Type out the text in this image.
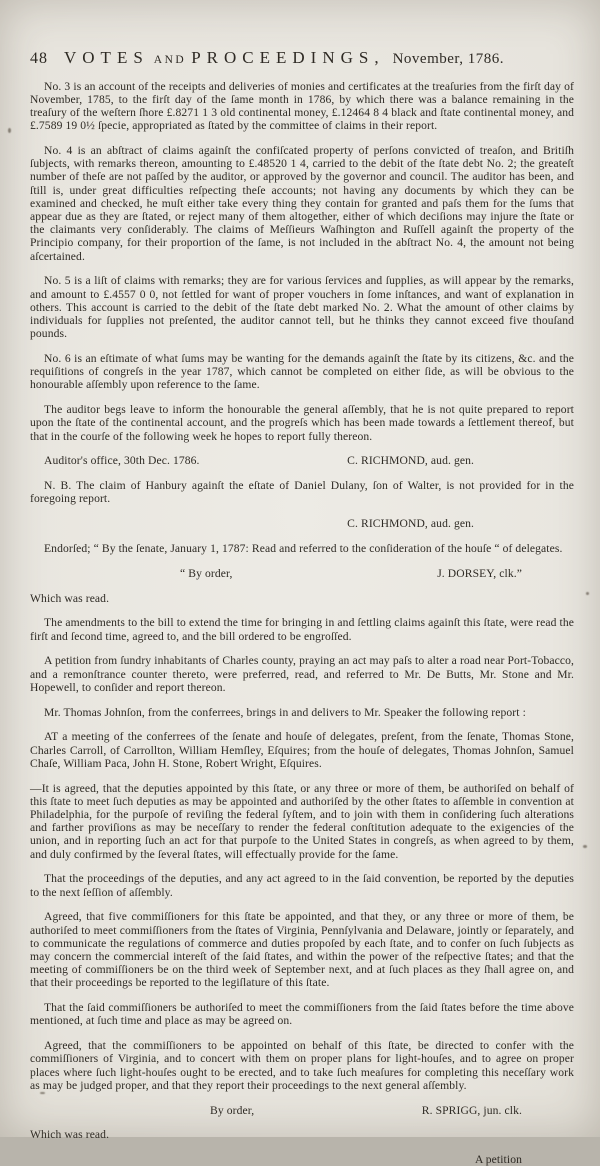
48 VOTES AND PROCEEDINGS, November, 1786.

No. 3 is an account of the receipts and deliveries of monies and certificates at the treaſuries from the firſt day of November, 1785, to the firſt day of the ſame month in 1786, by which there was a balance remaining in the treaſury of the weſtern ſhore £.8271 1 3 old continental money, £.12464 8 4 black and ſtate continental money, and £.7589 19 0½ ſpecie, appropriated as ſtated by the committee of claims in their report.

No. 4 is an abſtract of claims againſt the confiſcated property of perſons convicted of treaſon, and Britiſh ſubjects, with remarks thereon, amounting to £.48520 1 4, carried to the debit of the ſtate debt No. 2; the greateſt number of theſe are not paſſed by the auditor, or approved by the governor and council. The auditor has been, and ſtill is, under great difficulties reſpecting theſe accounts; not having any documents by which they can be examined and checked, he muſt either take every thing they contain for granted and paſs them for the ſums that appear due as they are ſtated, or reject many of them altogether, either of which deciſions may injure the ſtate or the claimants very conſiderably. The claims of Meſſieurs Waſhington and Ruſſell againſt the property of the Principio company, for their proportion of the ſame, is not included in the abſtract No. 4, the amount not being aſcertained.

No. 5 is a liſt of claims with remarks; they are for various ſervices and ſupplies, as will appear by the remarks, and amount to £.4557 0 0, not ſettled for want of proper vouchers in ſome inſtances, and want of explanation in others. This account is carried to the debit of the ſtate debt marked No. 2. What the amount of other claims by individuals for ſupplies not preſented, the auditor cannot tell, but he thinks they cannot exceed five thouſand pounds.

No. 6 is an eſtimate of what ſums may be wanting for the demands againſt the ſtate by its citizens, &c. and the requiſitions of congreſs in the year 1787, which cannot be completed on either ſide, as will be obvious to the honourable aſſembly upon reference to the ſame.

The auditor begs leave to inform the honourable the general aſſembly, that he is not quite prepared to report upon the ſtate of the continental account, and the progreſs which has been made towards a ſettlement thereof, but that in the courſe of the following week he hopes to report fully thereon.

Auditor's office, 30th Dec. 1786.	C. RICHMOND, aud. gen.

N. B. The claim of Hanbury againſt the eſtate of Daniel Dulany, ſon of Walter, is not provided for in the foregoing report.

C. RICHMOND, aud. gen.

Endorſed; “ By the ſenate, January 1, 1787: Read and referred to the conſideration of the houſe “ of delegates.

“ By order,	J. DORSEY, clk.”

Which was read.

The amendments to the bill to extend the time for bringing in and ſettling claims againſt this ſtate, were read the firſt and ſecond time, agreed to, and the bill ordered to be engroſſed.

A petition from ſundry inhabitants of Charles county, praying an act may paſs to alter a road near Port-Tobacco, and a remonſtrance counter thereto, were preferred, read, and referred to Mr. De Butts, Mr. Stone and Mr. Hopewell, to conſider and report thereon.

Mr. Thomas Johnſon, from the conferrees, brings in and delivers to Mr. Speaker the following report :

AT a meeting of the conferrees of the ſenate and houſe of delegates, preſent, from the ſenate, Thomas Stone, Charles Carroll, of Carrollton, William Hemſley, Eſquires; from the houſe of delegates, Thomas Johnſon, Samuel Chaſe, William Paca, John H. Stone, Robert Wright, Eſquires.

—It is agreed, that the deputies appointed by this ſtate, or any three or more of them, be authoriſed on behalf of this ſtate to meet ſuch deputies as may be appointed and authoriſed by the other ſtates to aſſemble in convention at Philadelphia, for the purpoſe of reviſing the federal ſyſtem, and to join with them in conſidering ſuch alterations and farther proviſions as may be neceſſary to render the federal conſtitution adequate to the exigencies of the union, and in reporting ſuch an act for that purpoſe to the United States in congreſs, as when agreed to by them, and duly confirmed by the ſeveral ſtates, will effectually provide for the ſame.

That the proceedings of the deputies, and any act agreed to in the ſaid convention, be reported by the deputies to the next ſeſſion of aſſembly.

Agreed, that five commiſſioners for this ſtate be appointed, and that they, or any three or more of them, be authoriſed to meet commiſſioners from the ſtates of Virginia, Pennſylvania and Delaware, jointly or ſeparately, and to communicate the regulations of commerce and duties propoſed by each ſtate, and to confer on ſuch ſubjects as may concern the commercial intereſt of the ſaid ſtates, and within the power of the reſpective ſtates; and that the meeting of commiſſioners be on the third week of September next, and at ſuch places as they ſhall agree on, and that their proceedings be reported to the legiſlature of this ſtate.

That the ſaid commiſſioners be authoriſed to meet the commiſſioners from the ſaid ſtates before the time above mentioned, at ſuch time and place as may be agreed on.

Agreed, that the commiſſioners to be appointed on behalf of this ſtate, be directed to confer with the commiſſioners of Virginia, and to concert with them on proper plans for light-houſes, and to agree on proper places where ſuch light-houſes ought to be erected, and to take ſuch meaſures for completing this neceſſary work as may be judged proper, and that they report their proceedings to the next general aſſembly.

By order,	R. SPRIGG, jun. clk.

Which was read.

A petition
